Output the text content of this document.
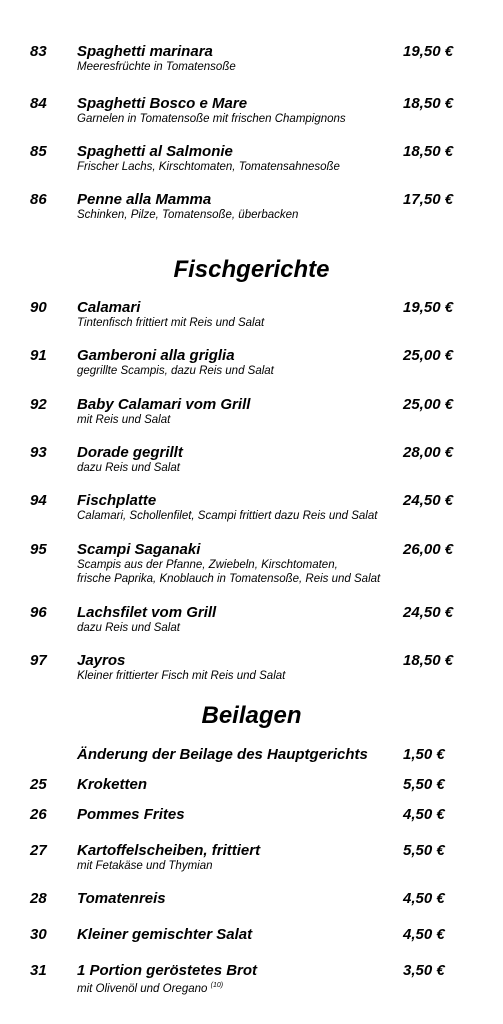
83 Spaghetti marinara	19,50 €
Meeresfrüchte in Tomatensoße
84 Spaghetti Bosco e Mare	18,50 €
Garnelen in Tomatensoße mit frischen Champignons
85 Spaghetti al Salmonie	18,50 €
Frischer Lachs, Kirschtomaten, Tomatensahnesoße
86 Penne alla Mamma	17,50 €
Schinken, Pilze, Tomatensoße, überbacken
Fischgerichte
90 Calamari	19,50 €
Tintenfisch frittiert mit Reis und Salat
91 Gamberoni alla griglia	25,00 €
gegrillte Scampis, dazu Reis und Salat
92 Baby Calamari vom Grill	25,00 €
mit Reis und Salat
93 Dorade gegrillt	28,00 €
dazu Reis und Salat
94 Fischplatte	24,50 €
Calamari, Schollenfilet, Scampi frittiert dazu Reis und Salat
95 Scampi Saganaki	26,00 €
Scampis aus der Pfanne, Zwiebeln, Kirschtomaten,
frische Paprika, Knoblauch in Tomatensoße, Reis und Salat
96 Lachsfilet vom Grill	24,50 €
dazu Reis und Salat
97 Jayros	18,50 €
Kleiner frittierter Fisch mit Reis und Salat
Beilagen
Änderung der Beilage des Hauptgerichts 1,50 €
25 Kroketten	5,50 €
26 Pommes Frites	4,50 €
27 Kartoffelscheiben, frittiert	5,50 €
mit Fetakäse und Thymian
28 Tomatenreis	4,50 €
30 Kleiner gemischter Salat	4,50 €
31 1 Portion geröstetes Brot	3,50 €
mit Olivenöl und Oregano $^{(10)}$
